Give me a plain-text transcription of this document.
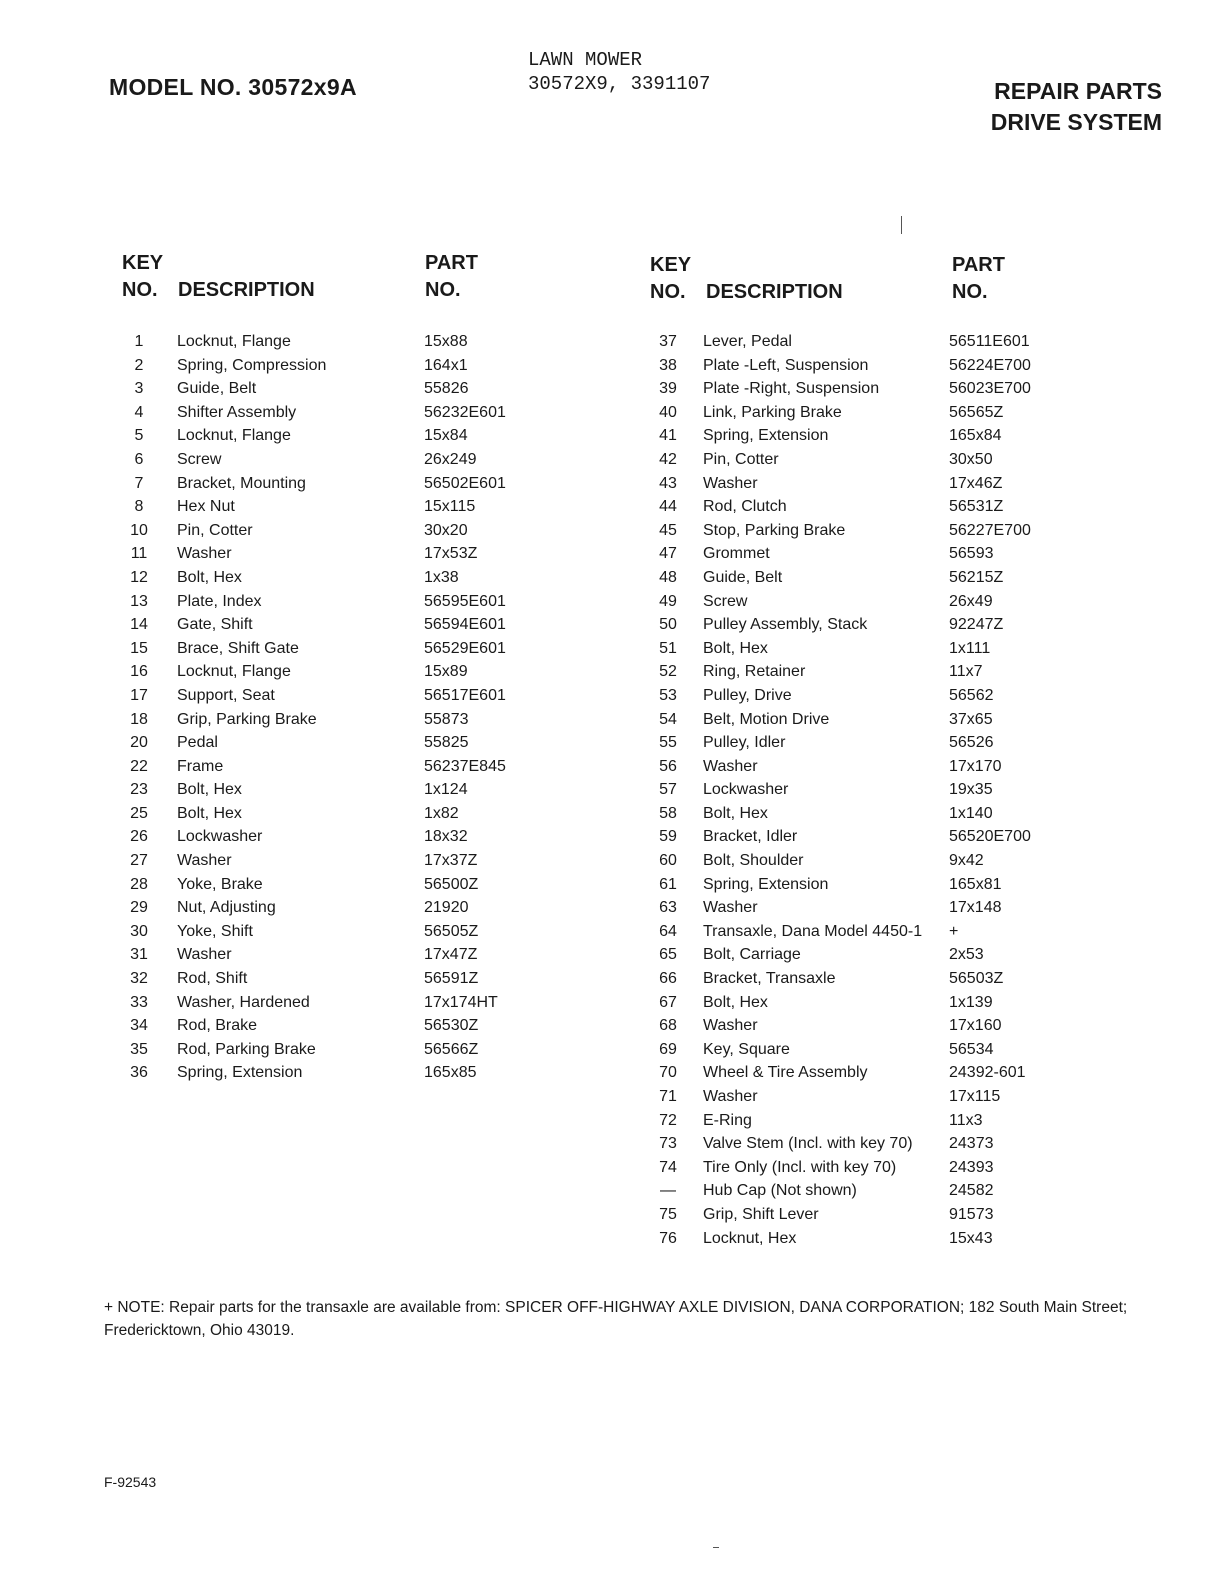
MODEL NO. 30572x9A
LAWN MOWER
30572X9, 3391107	REPAIR PARTS
DRIVE SYSTEM
KEY
NO. DESCRIPTION
PART
NO.
1	Locknut, Flange	15x88
2	Spring, Compression	164x1
3	Guide, Belt	55826
4	Shifter Assembly	56232E601
5	Locknut, Flange	15x84
6	Screw	26x249
7	Bracket, Mounting	56502E601
8	Hex Nut	15x115
10	Pin, Cotter	30x20
11	Washer	17x53Z
12	Bolt, Hex	1x38
13	Plate, Index	56595E601
14	Gate, Shift	56594E601
15	Brace, Shift Gate	56529E601
16	Locknut, Flange	15x89
17	Support, Seat	56517E601
18	Grip, Parking Brake	55873
20	Pedal	55825
22	Frame	56237E845
23	Bolt, Hex	1x124
25	Bolt, Hex	1x82
26	Lockwasher	18x32
27	Washer	17x37Z
28	Yoke, Brake	56500Z
29	Nut, Adjusting	21920
30	Yoke, Shift	56505Z
31	Washer	17x47Z
32	Rod, Shift	56591Z
33	Washer, Hardened	17x174HT
34	Rod, Brake	56530Z
35	Rod, Parking Brake	56566Z
36	Spring, Extension	165x85
KEY
NO. DESCRIPTION
PART
NO.
37	Lever, Pedal	56511E601
38	Plate -Left, Suspension	56224E700
39	Plate -Right, Suspension	56023E700
40	Link, Parking Brake	56565Z
41	Spring, Extension	165x84
42	Pin, Cotter	30x50
43	Washer	17x46Z
44	Rod, Clutch	56531Z
45	Stop, Parking Brake	56227E700
47	Grommet	56593
48	Guide, Belt	56215Z
49	Screw	26x49
50	Pulley Assembly, Stack	92247Z
51	Bolt, Hex	1x111
52	Ring, Retainer	11x7
53	Pulley, Drive	56562
54	Belt, Motion Drive	37x65
55	Pulley, Idler	56526
56	Washer	17x170
57	Lockwasher	19x35
58	Bolt, Hex	1x140
59	Bracket, Idler	56520E700
60	Bolt, Shoulder	9x42
61	Spring, Extension	165x81
63	Washer	17x148
64	Transaxle, Dana Model 4450-1 +
65	Bolt, Carriage	2x53
66	Bracket, Transaxle	56503Z
67	Bolt, Hex	1x139
68	Washer	17x160
69	Key, Square	56534
70	Wheel & Tire Assembly	24392-601
71	Washer	17x115
72	E-Ring	11x3
73	Valve Stem (Incl. with key 70) 24373
74	Tire Only (Incl. with key 70)	24393
—	Hub Cap (Not shown)	24582
75	Grip, Shift Lever	91573
76	Locknut, Hex	15x43
+ NOTE: Repair parts for the transaxle are available from: SPICER OFF-HIGHWAY AXLE DIVISION, DANA CORPORATION; 182 South Main Street; Fredericktown, Ohio 43019.
F-92543
